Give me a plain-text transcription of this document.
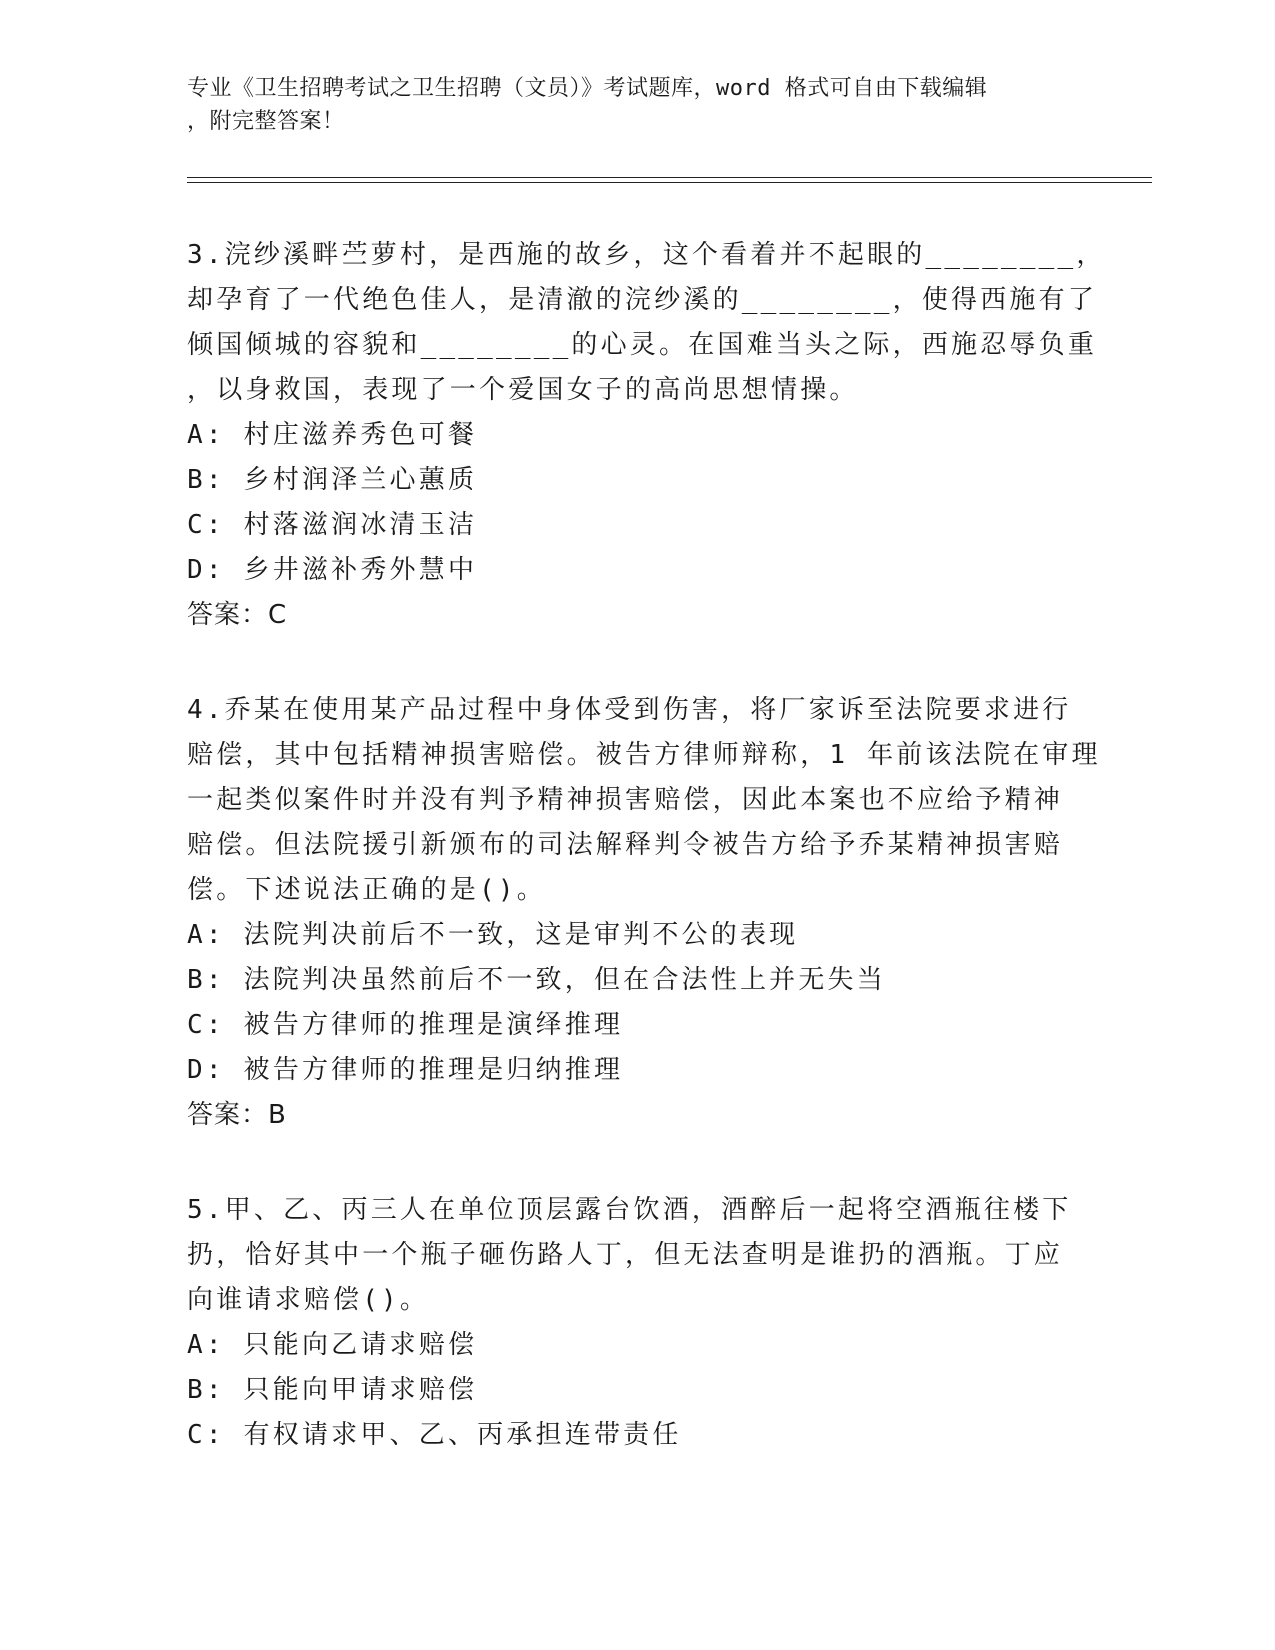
专业《卫生招聘考试之卫生招聘（文员）》考试题库，word 格式可自由下载编辑
，附完整答案！
3.浣纱溪畔苎萝村，是西施的故乡，这个看着并不起眼的________，
却孕育了一代绝色佳人，是清澈的浣纱溪的________，使得西施有了
倾国倾城的容貌和________的心灵。在国难当头之际，西施忍辱负重
，以身救国，表现了一个爱国女子的高尚思想情操。
A: 村庄滋养秀色可餐
B: 乡村润泽兰心蕙质
C: 村落滋润冰清玉洁
D: 乡井滋补秀外慧中
答案：C
4.乔某在使用某产品过程中身体受到伤害，将厂家诉至法院要求进行
赔偿，其中包括精神损害赔偿。被告方律师辩称，1 年前该法院在审理
一起类似案件时并没有判予精神损害赔偿，因此本案也不应给予精神
赔偿。但法院援引新颁布的司法解释判令被告方给予乔某精神损害赔
偿。下述说法正确的是()。
A: 法院判决前后不一致，这是审判不公的表现
B: 法院判决虽然前后不一致，但在合法性上并无失当
C: 被告方律师的推理是演绎推理
D: 被告方律师的推理是归纳推理
答案：B
5.甲、乙、丙三人在单位顶层露台饮酒，酒醉后一起将空酒瓶往楼下
扔，恰好其中一个瓶子砸伤路人丁，但无法查明是谁扔的酒瓶。丁应
向谁请求赔偿()。
A: 只能向乙请求赔偿
B: 只能向甲请求赔偿
C: 有权请求甲、乙、丙承担连带责任
